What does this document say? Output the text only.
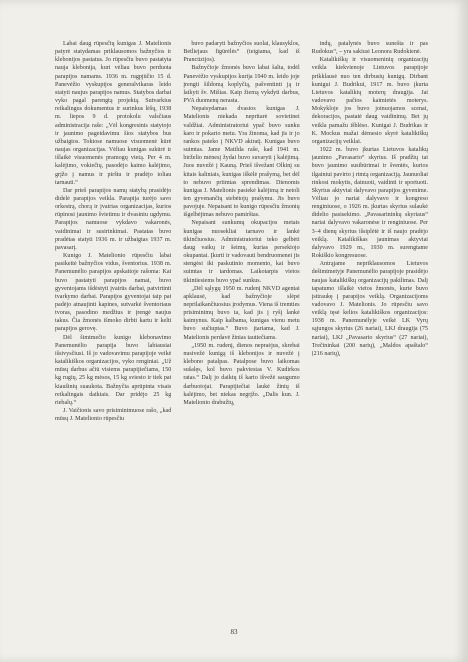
Labai daug rūpesčių kunigas J. Matelionis patyrė statydamas priklausomos bažnyčios ir klebonijos pastatus. Jo rūpesčiu buvo pastatyta nauja klebonija, kuri vėliau buvo perduota parapijos namams. 1936 m. rugpjūčio 15 d. Panevėžio vyskupijos generalvikaras leido statyti naujus parapijos namus. Statybos darbai vyko pagal parengtą projektą. Sutvarkius reikalingus dokumentus ir surinkus lėšų, 1938 m. liepos 9 d. protokolu valsčiaus administracija raše: „Vėl kongresinis statytojo ir jaunimo pageidavimu šios statybos bus užbaigtos. Toktose namuose visuomenė kūrė naujas organizacijas. Vėliau kunigas sukūrė ir išlaikė visuomenės pramogų vietą. Per 4 m. kalėjimo, vokiečių, pasodėjo kaimo kalėjimo, grįžo į namus ir pirštu ir pradėjo toliau tarnauti.“

Dar prieš parapijos namų statybą prasidėjo didelė parapijos veikla. Parapija turėjo savo orkestrą, chorą ir įvairias organizacijas, kurios rūpinosi jaunimo švietimu ir dvasiniu ugdymu. Parapijos namuose vykdavo vakaronės, vaidinimai ir susirinkimai. Pastatas buvo pradėtas statyti 1936 m. ir užbaigtas 1937 m. pavasarį.

Kunigo J. Matelionio rūpesčiu labai pasikeitė bažnyčios vidus, šventorius. 1938 m. Panemunėlio parapijos apskaitoje rašoma: Kai buvo pastatyti parapijos namai, buvo gyventojams išdėstyti įvairūs darbai, patvirtinti tvarkymo darbai. Parapijos gyventojai taip pat padėjo atnaujinti kapines, sutvarkė šventoriaus tvoras, pasodino medžius ir įrengė naujus takus. Čia žmonės išmoko dirbti kartu ir kelti parapijos gerovę.

Dėl šimtmečio kunigo klebonavimo Panemunėlio parapija buvo labiausiai išsivysčiusi. Iš jo vadovavimu parapijoje veikė katalikiškos organizacijos, vyko renginiai. „Už mūsų darbus ačiū visiems parapijiečiams, 150 kg rugių, 25 kg mėsos, 15 kg sviesto ir tiek pat kiaušinių suaukota. Bažnyčia aprūpinta visais reikalingais daiktais. Dar pridėjo 25 kg riebalų.“

J. Vaičionis savo prisiminimuose rašo, „kad mūsų J. Matelionio rūpesčiu

buvo padaryti bažnyčios suolai, klausyklos, Betliejaus figūrėlės“ (teigiama, kad iš Prancūzijos).

Bažnyčioje žmonės buvo labai šalta, todėl Panevėžio vyskupijos kurija 1940 m. leido joje įrengti šildomą koplyčią, pašventinti ją ir laikyti šv. Mišias. Kaip žiemą vykdyti darbus, PVA duomenų nerasta.

Nepaisydamas dvasios kunigas J. Matelionis niekada nepritarė sovietinei valdžiai. Administratoriui ypač buvo sunku karo ir pokario metu. Yra žinoma, kad jis ir jo rankos pateko į NKVD akiratį. Kunigas buvo suimtas. Jame Matilda raše, kad 1941 m. birželio mėnesį žydai buvo suvaryti į kalėjimą. Juos nuvežė į Kauną. Prieš išvežant Olkinį su kitais kaliniais, kunigas iškėlė prašymą, bet dėl to nebuvo priimtas sprendimas. Dienomis kunigas J. Matelionis pasiekė kalėjimą ir netoli ten gyvenančių stebėtojų prašymu. Jis buvo pavojuje. Nepaisant to kunigo rūpesčiu žmonių išgelbėjimas nebuvo pamirštas.

Nepaisant sunkumų okupacijos metais kunigas nuosekliai tarnavo ir lankė tikinčiuosius. Administratoriui teko gelbėti daug vaikų ir šeimų, kurias persekiojo okupantai. Įkurti ir vadovauti bendruomenei jis stengėsi iki paskutinio momento, kai buvo suimtas ir tardomas. Laikotarpis vietos tikintiesiems buvo ypač sunkus.

„Dėl sąlygų 1950 m. rudenį NKVD agentai apklausė, kad bažnyčioje slėpė neprilaikančiuosius įrodymus. Viena iš tremties prisiminimų buvo ta, kad jis į ryšį lankė kaimynus. Kaip kalbama, kunigas vienu metu buvo sučiuptas.“ Buvo įtariama, kad J. Matelionis perdavė žinias tautiečiams.

„1950 m. rudenį, dienos nepraėjus, skrebai nusivežė kunigą iš klebonijos ir nuvežė į klebono patalpas. Patalpose buvo laikomas sušalęs, kol buvo pakviestas V. Kudirkos ratas.“ Dalį jo daiktų iš karto išvežė saugumo darbuotojai. Parapijiečiai laukė žinių iš kalėjimo, bet niekas negrįžo. „Dalis kun. J. Matelionio drabužių,

indų, patalynės buvo sunešta ir pas Rudokus“, – yra sakiusi Leonora Rudokienė.

Katalikiškų ir visuomeninių organizacijų veikla kiekvienoje Lietuvos parapijoje prikklausė nuo ten dirbusių kunigų. Dirbant kunigui J. Budrikui, 1917 m. buvo įkurta Lietuvos katalikių moterų draugija. Jai vadovavo pačios kaimietės moterys. Mokykloje jos buvo joinuojamos scenai, dekoracijos, pastatė daug vaidinimų. Bet jų veikla pamažu išblėso. Kunigai J. Budrikas ir K. Mockus mažai dėmesio skyrė katalikiškų organizacijų veiklai.

1922 m. buvo įkurtas Lietuvos katalikų jaunimo „Pavasario“ skyrius. Iš pradžių tai buvo jaunimo susibūrimai ir šventės, kurios ilgainiui pavirto į rimtą organizaciją. Jaunuoliai rinkosi mokytis, dainuoti, vaidinti ir sportuoti. Skyrius aktyviai dalyvavo parapijos gyvenime. Vėliau jo nariai dalyvavo ir kongreso renginiuose, o 1926 m. įkurtas skyrius sulaukė didelio pasisekimo. „Pavasarininkų skyriaus“ nariai dalyvavo vakaronėse ir renginiuose. Per 3–4 dienų skyrius išsiplėtė ir iš naujo pradėjo veiklą. Katalikiškas jaunimas aktyviai dalyvavo 1929 m., 1930 m. surengtame Rokiškio kongresuose.

Antrąjame nepriklausomos Lietuvos dešimtmetyje Panemunėlio parapijoje prasidėjo naujas katalikiškų organizacijų pakilimas. Dalį tapatumo išlaikė vietos žmonės, kurie buvo įsitraukę į parapijos veiklą. Organizacijoms vadovavo J. Matelionis. Jo rūpesčiu savo veiklą tęsė kelios katalikiškos organizacijos: 1938 m. Panemunėlyje veikė LK Vyrų sąjungos skyrius (26 nariai), LKJ draugija (75 nariai), LKJ „Pavasario skyrius“ (27 nariai), Trečininkai (200 narių), „Maldos apaštalo“ (216 narių),

83
